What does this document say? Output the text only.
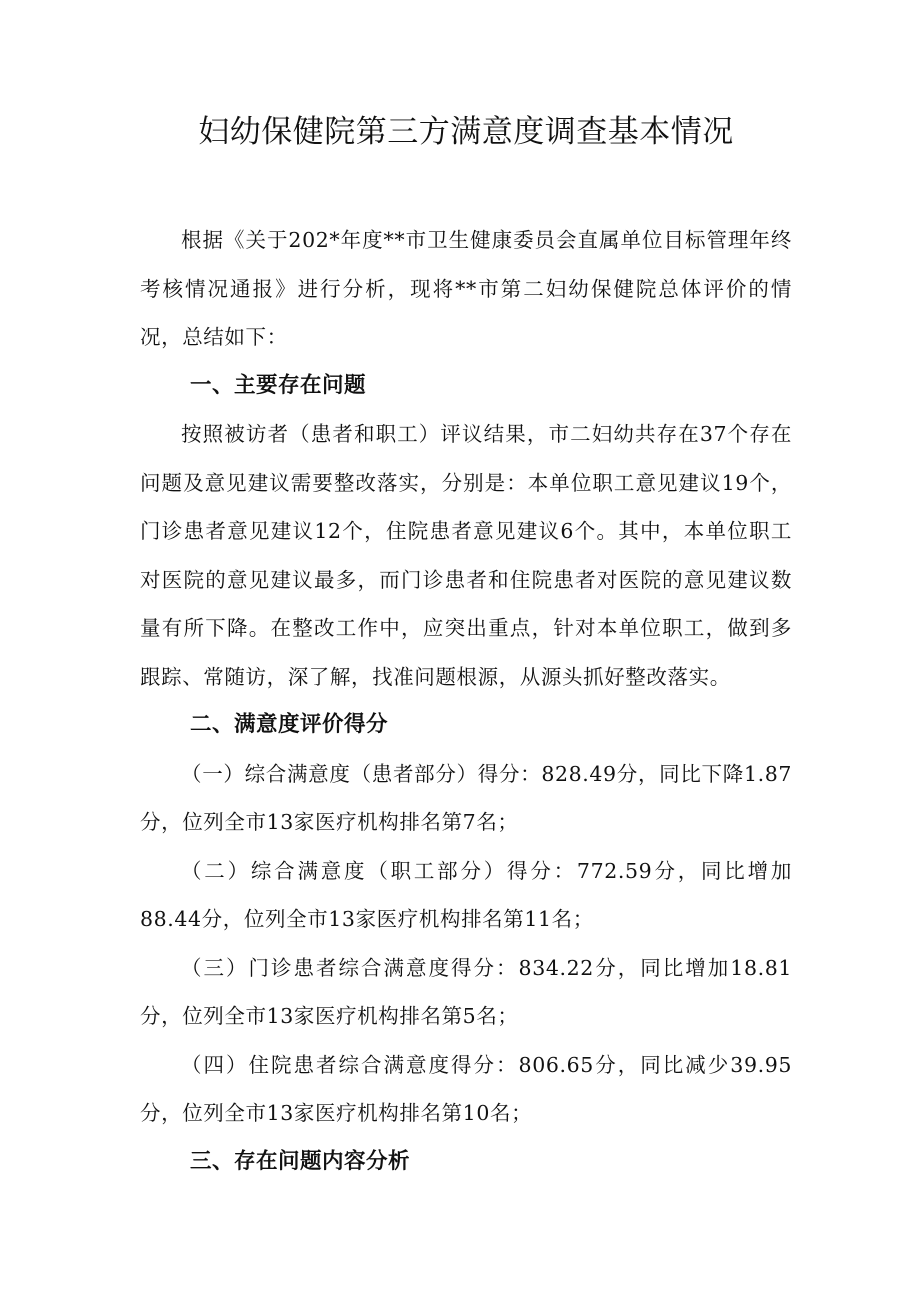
妇幼保健院第三方满意度调查基本情况

根据《关于202*年度**市卫生健康委员会直属单位目标管理年终考核情况通报》进行分析，现将**市第二妇幼保健院总体评价的情况，总结如下：

一、主要存在问题

按照被访者（患者和职工）评议结果，市二妇幼共存在37个存在问题及意见建议需要整改落实，分别是：本单位职工意见建议19个，门诊患者意见建议12个，住院患者意见建议6个。其中，本单位职工对医院的意见建议最多，而门诊患者和住院患者对医院的意见建议数量有所下降。在整改工作中，应突出重点，针对本单位职工，做到多跟踪、常随访，深了解，找准问题根源，从源头抓好整改落实。

二、满意度评价得分

（一）综合满意度（患者部分）得分：828.49分，同比下降1.87分，位列全市13家医疗机构排名第7名；

（二）综合满意度（职工部分）得分：772.59分，同比增加88.44分，位列全市13家医疗机构排名第11名；

（三）门诊患者综合满意度得分：834.22分，同比增加18.81分，位列全市13家医疗机构排名第5名；

（四）住院患者综合满意度得分：806.65分，同比减少39.95分，位列全市13家医疗机构排名第10名；

三、存在问题内容分析
